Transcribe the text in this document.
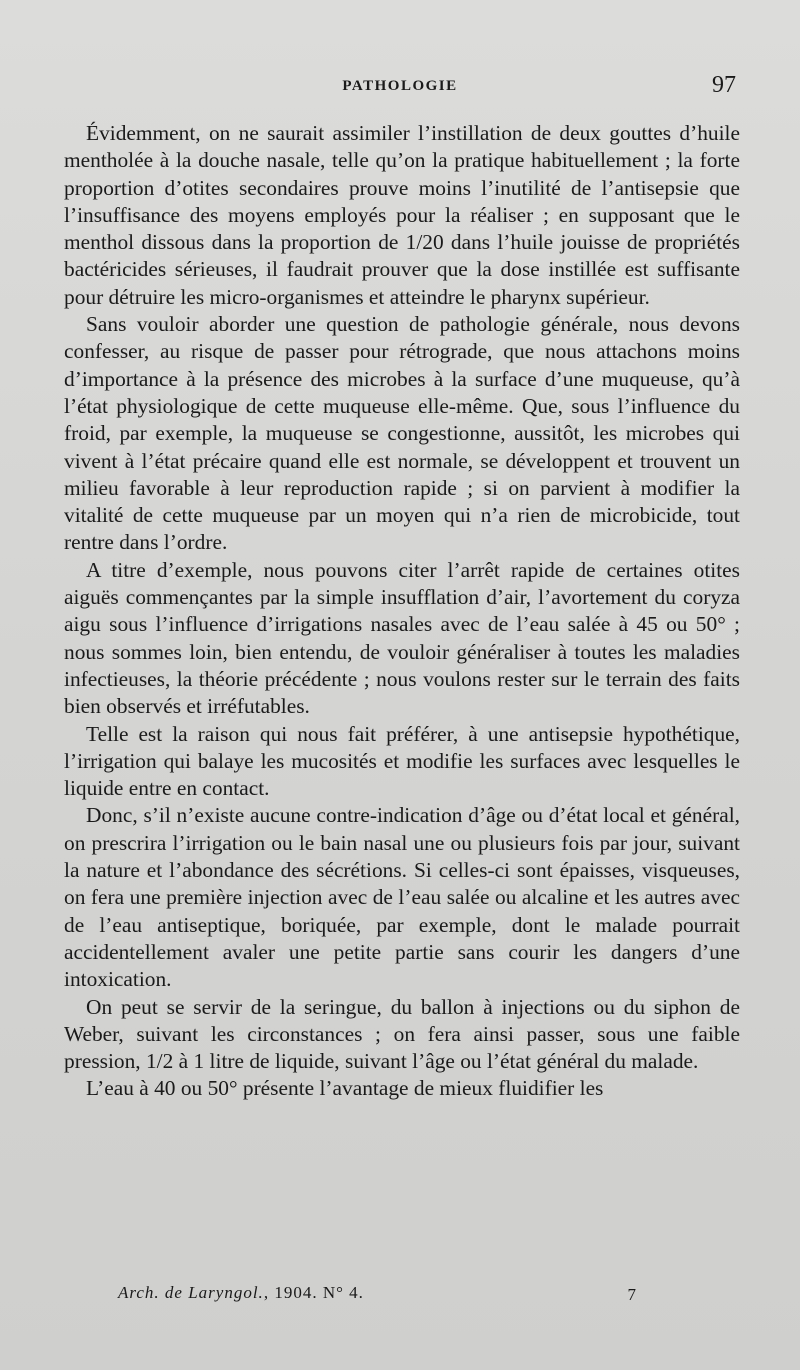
PATHOLOGIE	97

Évidemment, on ne saurait assimiler l’instillation de deux gouttes d’huile mentholée à la douche nasale, telle qu’on la pratique habituellement ; la forte proportion d’otites secondaires prouve moins l’inutilité de l’antisepsie que l’insuffisance des moyens employés pour la réaliser ; en supposant que le menthol dissous dans la proportion de 1/20 dans l’huile jouisse de propriétés bactéricides sérieuses, il faudrait prouver que la dose instillée est suffisante pour détruire les micro-organismes et atteindre le pharynx supérieur.

Sans vouloir aborder une question de pathologie générale, nous devons confesser, au risque de passer pour rétrograde, que nous attachons moins d’importance à la présence des microbes à la surface d’une muqueuse, qu’à l’état physiologique de cette muqueuse elle-même. Que, sous l’influence du froid, par exemple, la muqueuse se congestionne, aussitôt, les microbes qui vivent à l’état précaire quand elle est normale, se développent et trouvent un milieu favorable à leur reproduction rapide ; si on parvient à modifier la vitalité de cette muqueuse par un moyen qui n’a rien de microbicide, tout rentre dans l’ordre.

A titre d’exemple, nous pouvons citer l’arrêt rapide de certaines otites aiguës commençantes par la simple insufflation d’air, l’avortement du coryza aigu sous l’influence d’irrigations nasales avec de l’eau salée à 45 ou 50° ; nous sommes loin, bien entendu, de vouloir généraliser à toutes les maladies infectieuses, la théorie précédente ; nous voulons rester sur le terrain des faits bien observés et irréfutables.

Telle est la raison qui nous fait préférer, à une antisepsie hypothétique, l’irrigation qui balaye les mucosités et modifie les surfaces avec lesquelles le liquide entre en contact.

Donc, s’il n’existe aucune contre-indication d’âge ou d’état local et général, on prescrira l’irrigation ou le bain nasal une ou plusieurs fois par jour, suivant la nature et l’abondance des sécrétions. Si celles-ci sont épaisses, visqueuses, on fera une première injection avec de l’eau salée ou alcaline et les autres avec de l’eau antiseptique, boriquée, par exemple, dont le malade pourrait accidentellement avaler une petite partie sans courir les dangers d’une intoxication.

On peut se servir de la seringue, du ballon à injections ou du siphon de Weber, suivant les circonstances ; on fera ainsi passer, sous une faible pression, 1/2 à 1 litre de liquide, suivant l’âge ou l’état général du malade.

L’eau à 40 ou 50° présente l’avantage de mieux fluidifier les

Arch. de Laryngol., 1904. N° 4.	7
